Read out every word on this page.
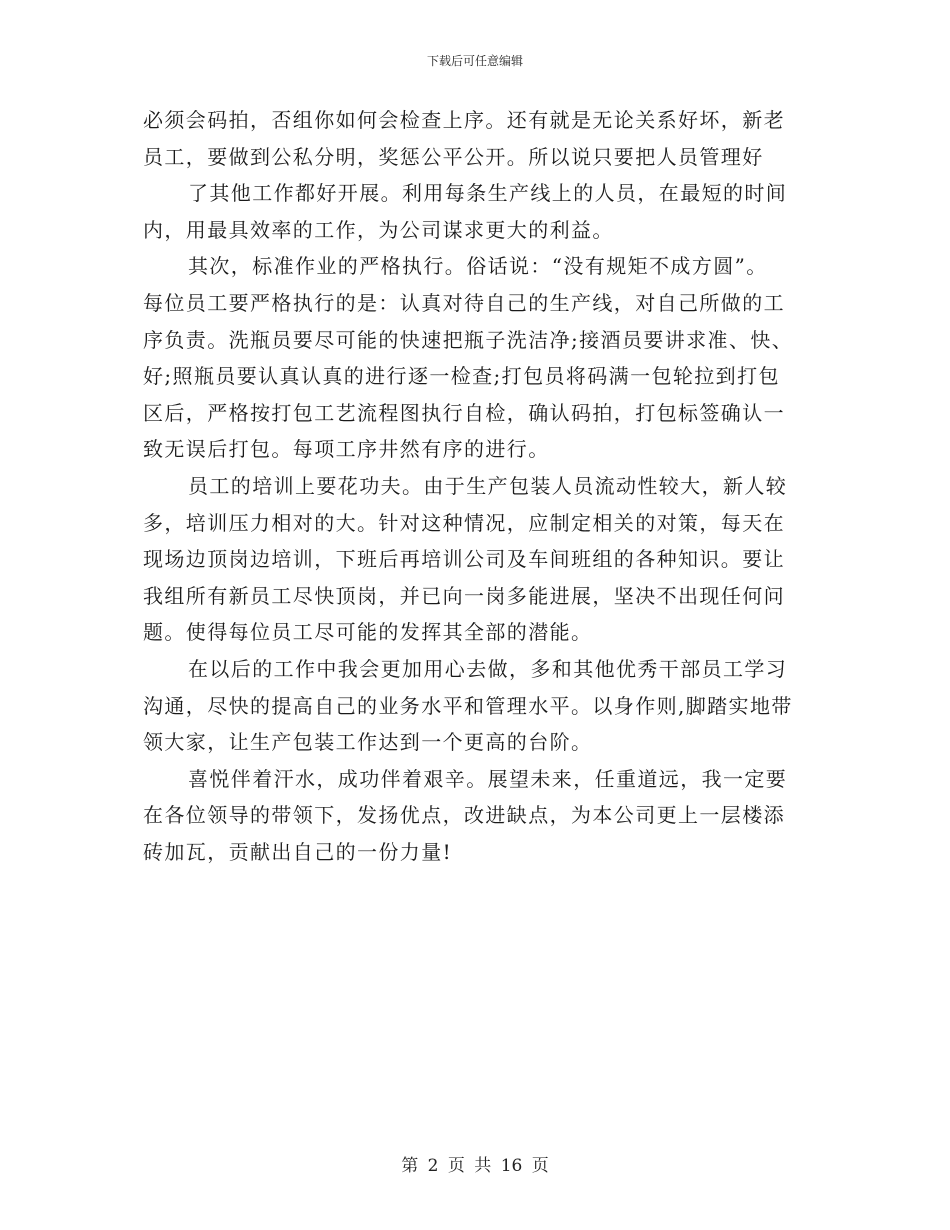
下载后可任意编辑
必须会码拍，否组你如何会检查上序。还有就是无论关系好坏，新老
员工，要做到公私分明，奖惩公平公开。所以说只要把人员管理好
了其他工作都好开展。利用每条生产线上的人员，在最短的时间
内，用最具效率的工作，为公司谋求更大的利益。
其次，标准作业的严格执行。俗话说：“没有规矩不成方圆”。
每位员工要严格执行的是：认真对待自己的生产线，对自己所做的工
序负责。洗瓶员要尽可能的快速把瓶子洗洁净;接酒员要讲求准、快、
好;照瓶员要认真认真的进行逐一检查;打包员将码满一包轮拉到打包
区后，严格按打包工艺流程图执行自检，确认码拍，打包标签确认一
致无误后打包。每项工序井然有序的进行。
员工的培训上要花功夫。由于生产包装人员流动性较大，新人较
多，培训压力相对的大。针对这种情况，应制定相关的对策，每天在
现场边顶岗边培训，下班后再培训公司及车间班组的各种知识。要让
我组所有新员工尽快顶岗，并已向一岗多能进展，坚决不出现任何问
题。使得每位员工尽可能的发挥其全部的潜能。
在以后的工作中我会更加用心去做，多和其他优秀干部员工学习
沟通，尽快的提高自己的业务水平和管理水平。以身作则,脚踏实地带
领大家，让生产包装工作达到一个更高的台阶。
喜悦伴着汗水，成功伴着艰辛。展望未来，任重道远，我一定要
在各位领导的带领下，发扬优点，改进缺点，为本公司更上一层楼添
砖加瓦，贡献出自己的一份力量!
第 2 页 共 16 页
